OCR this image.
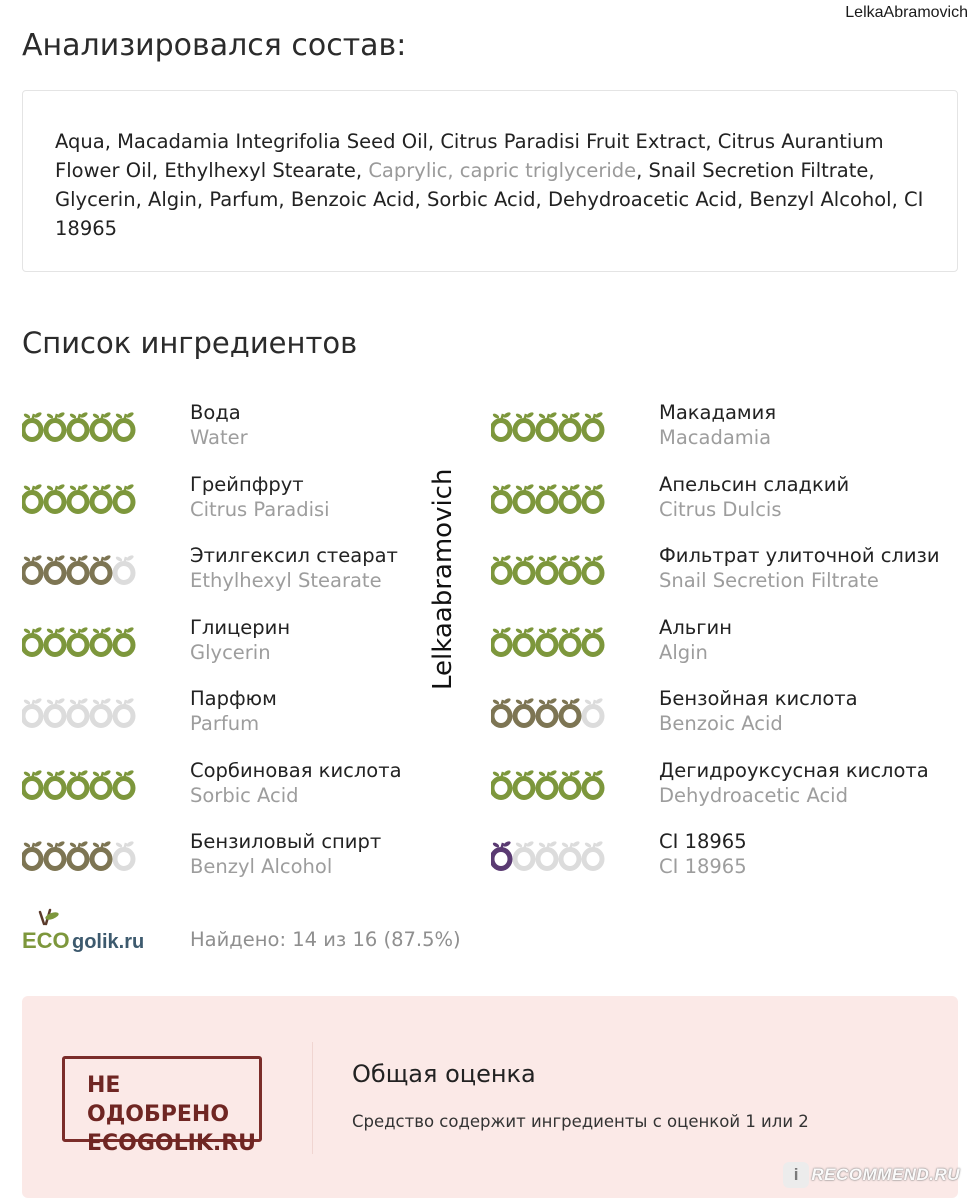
LelkaAbramovich
Анализировался состав:
Aqua, Macadamia Integrifolia Seed Oil, Citrus Paradisi Fruit Extract, Citrus Aurantium Flower Oil, Ethylhexyl Stearate, Caprylic, capric triglyceride, Snail Secretion Filtrate, Glycerin, Algin, Parfum, Benzoic Acid, Sorbic Acid, Dehydroacetic Acid, Benzyl Alcohol, CI 18965
Список ингредиентов
Вода
Water
Макадамия
Macadamia
Грейпфрут
Citrus Paradisi
Апельсин сладкий
Citrus Dulcis
Этилгексил стеарат
Ethylhexyl Stearate
Фильтрат улиточной слизи
Snail Secretion Filtrate
Глицерин
Glycerin
Альгин
Algin
Парфюм
Parfum
Бензойная кислота
Benzoic Acid
Сорбиновая кислота
Sorbic Acid
Дегидроуксусная кислота
Dehydroacetic Acid
Бензиловый спирт
Benzyl Alcohol
CI 18965
CI 18965
Lelkaabramovich
ECO golik.ru Найдено: 14 из 16 (87.5%)
НЕ ОДОБРЕНО
ECOGOLIK.RU
Общая оценка
Средство содержит ингредиенты с оценкой 1 или 2
i RECOMMEND.RU
